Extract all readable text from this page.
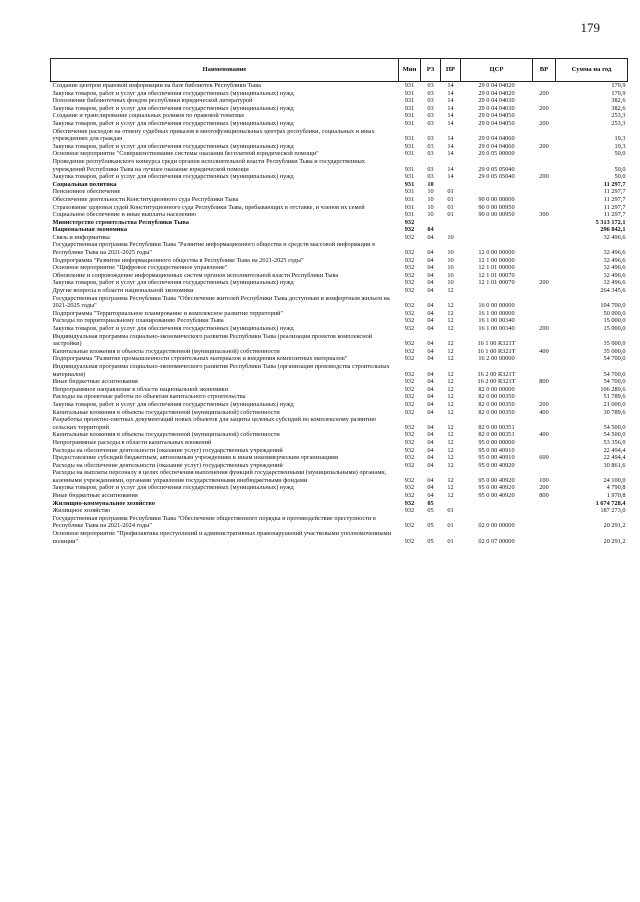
179
Наименование	Мин	РЗ	ПР	ЦСР	ВР	Сумма на год
Создание центров правовой информации на базе библиотек Республики Тыва	931	03	14	29 0 04 04020		170,9
Закупка товаров, работ и услуг для обеспечения государственных (муниципальных) нужд	931	03	14	29 0 04 04020	200	170,9
Пополнение библиотечных фондов республики юридической литературой	931	03	14	29 0 04 04030		382,6
Закупка товаров, работ и услуг для обеспечения государственных (муниципальных) нужд	931	03	14	29 0 04 04030	200	382,6
Создание и транслирование социальных роликов по правовой тематике	931	03	14	29 0 04 04050		253,3
Закупка товаров, работ и услуг для обеспечения государственных (муниципальных) нужд	931	03	14	29 0 04 04050	200	253,3
Обеспечение расходов на отмену судебных приказов в многофункциональных центрах республики, социальных и иных учреждениях для граждан	931	03	14	29 0 04 04060		19,3
Закупка товаров, работ и услуг для обеспечения государственных (муниципальных) нужд	931	03	14	29 0 04 04060	200	19,3
Основное мероприятие "Совершенствование системы оказания бесплатной юридической помощи"	931	03	14	29 0 05 00000		50,0
Проведение республиканского конкурса среди органов исполнительной власти Республики Тыва и государственных учреждений Республики Тыва на лучшее оказание юридической помощи	931	03	14	29 0 05 05040		50,0
Закупка товаров, работ и услуг для обеспечения государственных (муниципальных) нужд	931	03	14	29 0 05 05040	200	50,0
Социальная политика	931	10				11 297,7
Пенсионное обеспечение	931	10	01			11 297,7
Обеспечение деятельности Конституционного суда Республики Тыва	931	10	01	90 0 00 00000		11 297,7
Страхование здоровья судей Конституционного суда Республики Тыва, пребывающих в отставке, и членов их семей	931	10	01	90 0 00 00950		11 297,7
Социальное обеспечение и иные выплаты населению	931	10	01	90 0 00 00950	300	11 297,7
Министерство строительства Республики Тыва	932					5 313 172,1
Национальная экономика	932	04				296 842,1
Связь и информатика	932	04	10			32 496,6
Государственная программа Республики Тыва "Развитие информационного общества и средств массовой информации в Республике Тыва на 2021-2025 годы"	932	04	10	12 0 00 00000		32 496,6
Подпрограмма "Развитие информационного общества в Республике Тыва на 2021-2025 годы"	932	04	10	12 1 00 00000		32 496,6
Основное мероприятие "Цифровое государственное управление"	932	04	10	12 1 01 00000		32 496,6
Обновление и сопровождение информационных систем органов исполнительной власти Республики Тыва	932	04	10	12 1 01 00070		32 496,6
Закупка товаров, работ и услуг для обеспечения государственных (муниципальных) нужд	932	04	10	12 1 01 00070	200	32 496,6
Другие вопросы в области национальной экономики	932	04	12			264 345,6
Государственная программа Республики Тыва "Обеспечение жителей Республики Тыва доступным и комфортным жильем на 2021-2025 годы"	932	04	12	16 0 00 00000		104 700,0
Подпрограмма "Территориальное планирование и комплексное развитие территорий"	932	04	12	16 1 00 00000		50 000,0
Расходы по территориальному планированию Республики Тыва	932	04	12	16 1 00 00340		15 000,0
Закупка товаров, работ и услуг для обеспечения государственных (муниципальных) нужд	932	04	12	16 1 00 00340	200	15 000,0
Индивидуальная программа социально-экономического развития Республики Тыва (реализация проектов комплексной застройки)	932	04	12	16 1 00 R321T		35 000,0
Капитальные вложения в объекты государственной (муниципальной) собственности	932	04	12	16 1 00 R321T	400	35 000,0
Подпрограмма "Развитие промышленности строительных материалов и внедрения композитных материалов"	932	04	12	16 2 00 00000		54 700,0
Индивидуальная программа социально-экономического развития Республики Тыва (организация производства строительных материалов)	932	04	12	16 2 00 R321T		54 700,0
Иные бюджетные ассигнования	932	04	12	16 2 00 R321T	800	54 700,0
Непрограммное направление в области национальной экономики	932	04	12	82 0 00 00000		106 289,6
Расходы на проектные работы по объектам капитального строительства	932	04	12	82 0 00 00350		51 789,6
Закупка товаров, работ и услуг для обеспечения государственных (муниципальных) нужд	932	04	12	82 0 00 00350	200	21 000,0
Капитальные вложения в объекты государственной (муниципальной) собственности	932	04	12	82 0 00 00350	400	30 789,6
Разработка проектно-сметных документаций новых объектов для защиты целевых субсидий по комплексному развитию сельских территорий	932	04	12	82 0 00 00351		54 500,0
Капитальные вложения в объекты государственной (муниципальной) собственности	932	04	12	82 0 00 00351	400	54 500,0
Непрограммные расходы в области капитальных вложений	932	04	12	95 0 00 00000		53 356,0
Расходы на обеспечение деятельности (оказание услуг) государственных учреждений	932	04	12	95 0 00 40910		22 494,4
Предоставление субсидий бюджетным, автономным учреждениям и иным некоммерческим организациям	932	04	12	95 0 00 40910	600	22 494,4
Расходы на обеспечение деятельности (оказание услуг) государственных учреждений	932	04	12	95 0 00 40920		30 861,6
Расходы на выплаты персоналу в целях обеспечения выполнения функций государственными (муниципальными) органами, казенными учреждениями, органами управления государственными внебюджетными фондами	932	04	12	95 0 00 40920	100	24 100,0
Закупка товаров, работ и услуг для обеспечения государственных (муниципальных) нужд	932	04	12	95 0 00 40920	200	4 790,8
Иные бюджетные ассигнования	932	04	12	95 0 00 40920	800	1 970,8
Жилищно-коммунальное хозяйство	932	05				1 674 728,4
Жилищное хозяйство	932	05	01			187 273,0
Государственная программа Республики Тыва "Обеспечение общественного порядка и противодействие преступности в Республике Тыва на 2021-2024 годы"	932	05	01	02 0 00 00000		20 291,2
Основное мероприятие "Профилактика преступлений и административных правонарушений участковыми уполномоченными полиции"	932	05	01	02 0 07 00000		20 291,2
